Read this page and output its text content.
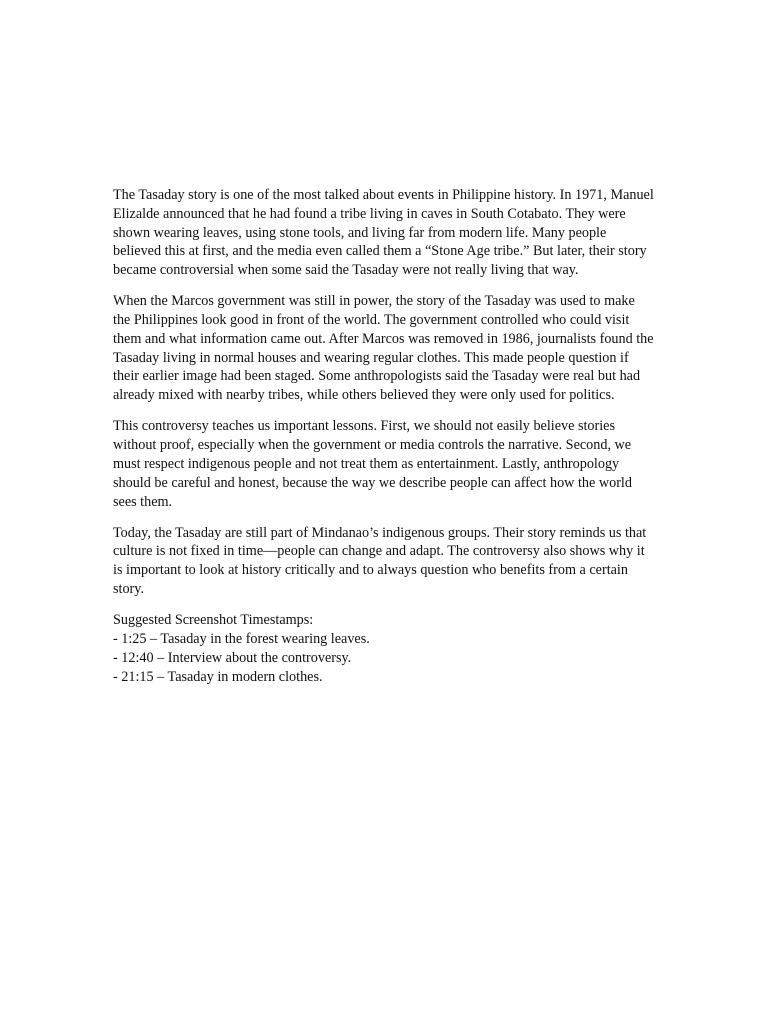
The Tasaday story is one of the most talked about events in Philippine history. In 1971, Manuel Elizalde announced that he had found a tribe living in caves in South Cotabato. They were shown wearing leaves, using stone tools, and living far from modern life. Many people believed this at first, and the media even called them a “Stone Age tribe.” But later, their story became controversial when some said the Tasaday were not really living that way.

When the Marcos government was still in power, the story of the Tasaday was used to make the Philippines look good in front of the world. The government controlled who could visit them and what information came out. After Marcos was removed in 1986, journalists found the Tasaday living in normal houses and wearing regular clothes. This made people question if their earlier image had been staged. Some anthropologists said the Tasaday were real but had already mixed with nearby tribes, while others believed they were only used for politics.

This controversy teaches us important lessons. First, we should not easily believe stories without proof, especially when the government or media controls the narrative. Second, we must respect indigenous people and not treat them as entertainment. Lastly, anthropology should be careful and honest, because the way we describe people can affect how the world sees them.

Today, the Tasaday are still part of Mindanao’s indigenous groups. Their story reminds us that culture is not fixed in time—people can change and adapt. The controversy also shows why it is important to look at history critically and to always question who benefits from a certain story.

Suggested Screenshot Timestamps:
- 1:25 – Tasaday in the forest wearing leaves.
- 12:40 – Interview about the controversy.
- 21:15 – Tasaday in modern clothes.
